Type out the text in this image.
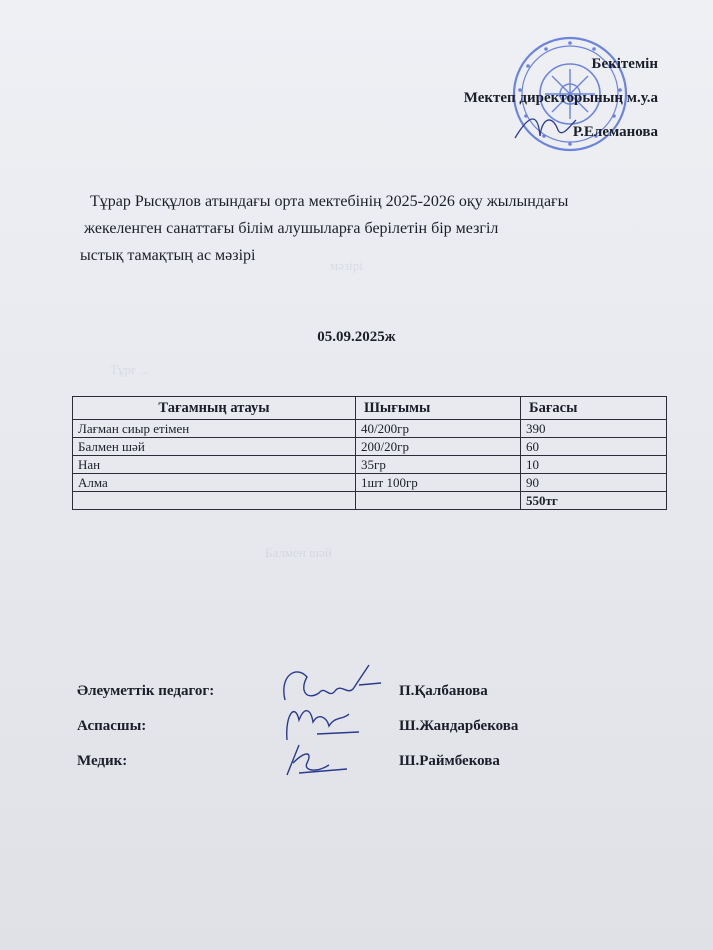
мәзірі
Тұрғ ...
Балмен шәй
Бекітемін
Мектеп директорының м.у.а
Р.Елеманова
Тұрар Рысқұлов атындағы орта мектебінің 2025-2026 оқу жылындағы
жекеленген санаттағы білім алушыларға берілетін бір мезгіл
ыстық тамақтың ас мәзірі
05.09.2025ж
Тағамның атауы	Шығымы	Бағасы
Лағман сиыр етімен	40/200гр	390
Балмен шәй	200/20гр	60
Нан	35гр	10
Алма	1шт 100гр	90
		550тг
Әлеуметтік педагог:	П.Қалбанова
Аспасшы:	Ш.Жандарбекова
Медик:	Ш.Раймбекова
